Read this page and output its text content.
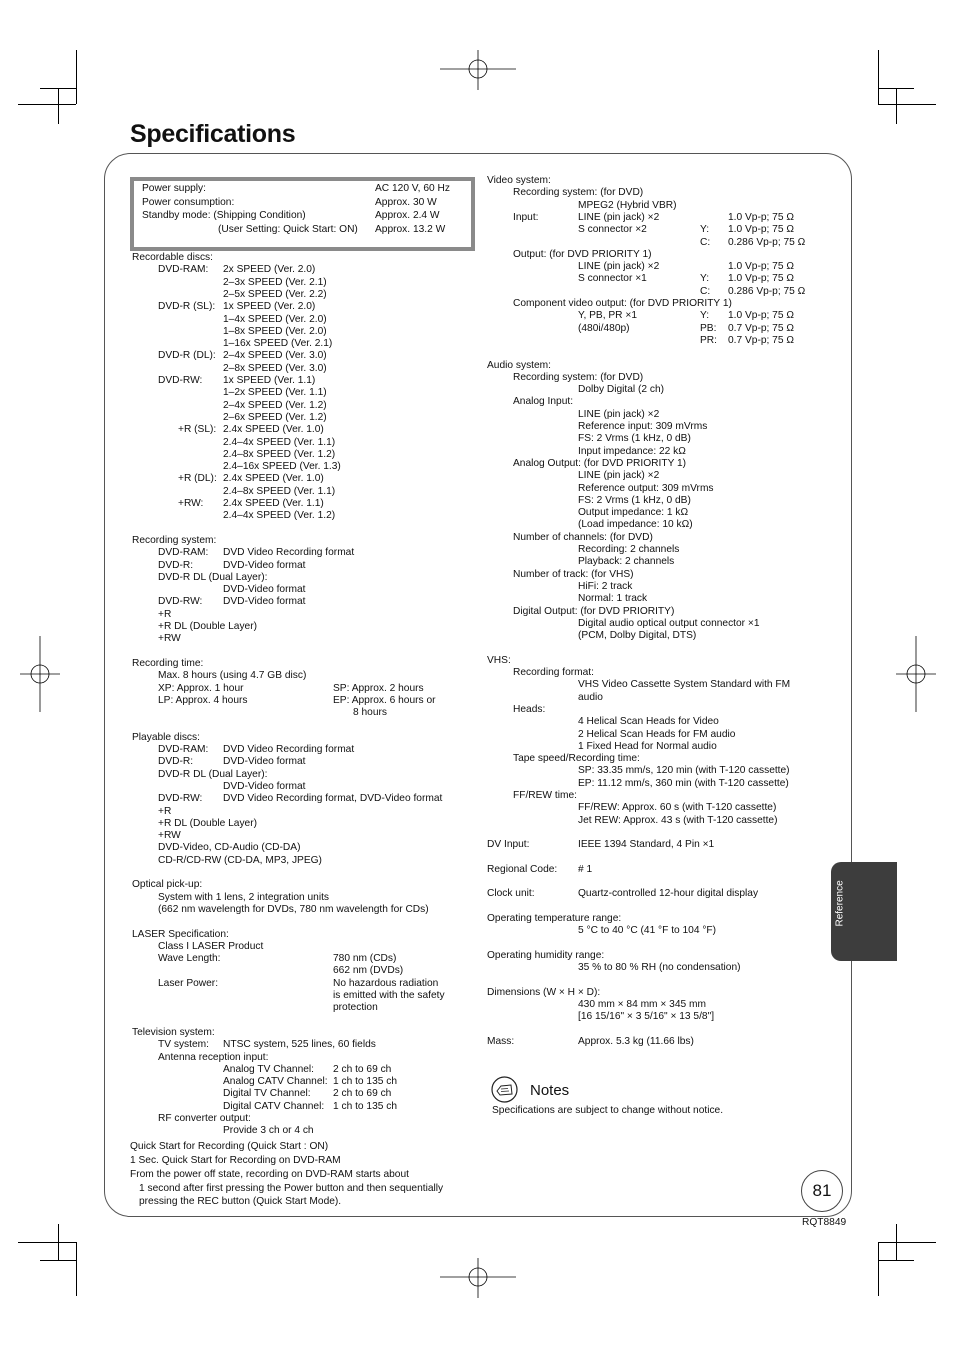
Specifications
Power supply:	AC 120 V, 60 Hz
Power consumption:	Approx. 30 W
Standby mode: (Shipping Condition)	Approx. 2.4 W
(User Setting: Quick Start: ON) Approx. 13.2 W
Recordable discs:
DVD-RAM: 2x SPEED (Ver. 2.0)
2–3x SPEED (Ver. 2.1)
2–5x SPEED (Ver. 2.2)
DVD-R (SL): 1x SPEED (Ver. 2.0)
1–4x SPEED (Ver. 2.0)
1–8x SPEED (Ver. 2.0)
1–16x SPEED (Ver. 2.1)
DVD-R (DL): 2–4x SPEED (Ver. 3.0)
2–8x SPEED (Ver. 3.0)
DVD-RW: 1x SPEED (Ver. 1.1)
1–2x SPEED (Ver. 1.1)
2–4x SPEED (Ver. 1.2)
2–6x SPEED (Ver. 1.2)
+R (SL): 2.4x SPEED (Ver. 1.0)
2.4–4x SPEED (Ver. 1.1)
2.4–8x SPEED (Ver. 1.2)
2.4–16x SPEED (Ver. 1.3)
+R (DL): 2.4x SPEED (Ver. 1.0)
2.4–8x SPEED (Ver. 1.1)
+RW: 2.4x SPEED (Ver. 1.1)
2.4–4x SPEED (Ver. 1.2)
Recording system:
DVD-RAM: DVD Video Recording format
DVD-R:	DVD-Video format
DVD-R DL (Dual Layer):
DVD-Video format
DVD-RW: DVD-Video format
+R
+R DL (Double Layer)
+RW
Recording time:
Max. 8 hours (using 4.7 GB disc)
XP: Approx. 1 hour	SP: Approx. 2 hours
LP: Approx. 4 hours	EP: Approx. 6 hours or
8 hours
Playable discs:
DVD-RAM: DVD Video Recording format
DVD-R:	DVD-Video format
DVD-R DL (Dual Layer):
DVD-Video format
DVD-RW: DVD Video Recording format, DVD-Video format
+R
+R DL (Double Layer)
+RW
DVD-Video, CD-Audio (CD-DA)
CD-R/CD-RW (CD-DA, MP3, JPEG)
Optical pick-up:
System with 1 lens, 2 integration units
(662 nm wavelength for DVDs, 780 nm wavelength for CDs)
LASER Specification:
Class I LASER Product
Wave Length:	780 nm (CDs)
662 nm (DVDs)
Laser Power:	No hazardous radiation
is emitted with the safety
protection
Television system:
TV system: NTSC system, 525 lines, 60 fields
Antenna reception input:
Analog TV Channel: 2 ch to 69 ch
Analog CATV Channel: 1 ch to 135 ch
Digital TV Channel: 2 ch to 69 ch
Digital CATV Channel: 1 ch to 135 ch
RF converter output:
Provide 3 ch or 4 ch
Quick Start for Recording (Quick Start : ON)
1 Sec. Quick Start for Recording on DVD-RAM
From the power off state, recording on DVD-RAM starts about
1 second after first pressing the Power button and then sequentially
pressing the REC button (Quick Start Mode).
Video system:
Recording system: (for DVD)
MPEG2 (Hybrid VBR)
Input:	LINE (pin jack) ×2	1.0 Vp-p; 75 Ω
S connector ×2	Y: 1.0 Vp-p; 75 Ω
C: 0.286 Vp-p; 75 Ω
Output: (for DVD PRIORITY 1)
LINE (pin jack) ×2	1.0 Vp-p; 75 Ω
S connector ×1	Y: 1.0 Vp-p; 75 Ω
C: 0.286 Vp-p; 75 Ω
Component video output: (for DVD PRIORITY 1)
Y, PB, PR ×1	Y: 1.0 Vp-p; 75 Ω
(480i/480p)	PB: 0.7 Vp-p; 75 Ω
PR: 0.7 Vp-p; 75 Ω
Audio system:
Recording system: (for DVD)
Dolby Digital (2 ch)
Analog Input:
LINE (pin jack) ×2
Reference input: 309 mVrms
FS: 2 Vrms (1 kHz, 0 dB)
Input impedance: 22 kΩ
Analog Output: (for DVD PRIORITY 1)
LINE (pin jack) ×2
Reference output: 309 mVrms
FS: 2 Vrms (1 kHz, 0 dB)
Output impedance: 1 kΩ
(Load impedance: 10 kΩ)
Number of channels: (for DVD)
Recording: 2 channels
Playback: 2 channels
Number of track: (for VHS)
HiFi: 2 track
Normal: 1 track
Digital Output: (for DVD PRIORITY)
Digital audio optical output connector ×1
(PCM, Dolby Digital, DTS)
VHS:
Recording format:
VHS Video Cassette System Standard with FM
audio
Heads:
4 Helical Scan Heads for Video
2 Helical Scan Heads for FM audio
1 Fixed Head for Normal audio
Tape speed/Recording time:
SP: 33.35 mm/s, 120 min (with T-120 cassette)
EP: 11.12 mm/s, 360 min (with T-120 cassette)
FF/REW time:
FF/REW: Approx. 60 s (with T-120 cassette)
Jet REW: Approx. 43 s (with T-120 cassette)
DV Input:	IEEE 1394 Standard, 4 Pin ×1
Regional Code: # 1
Clock unit:	Quartz-controlled 12-hour digital display
Operating temperature range:
5 °C to 40 °C (41 °F to 104 °F)
Operating humidity range:
35 % to 80 % RH (no condensation)
Dimensions (W × H × D):
430 mm × 84 mm × 345 mm
[16 15/16" × 3 5/16" × 13 5/8"]
Mass:	Approx. 5.3 kg (11.66 lbs)
Notes
Specifications are subject to change without notice.
Reference
81
RQT8849
